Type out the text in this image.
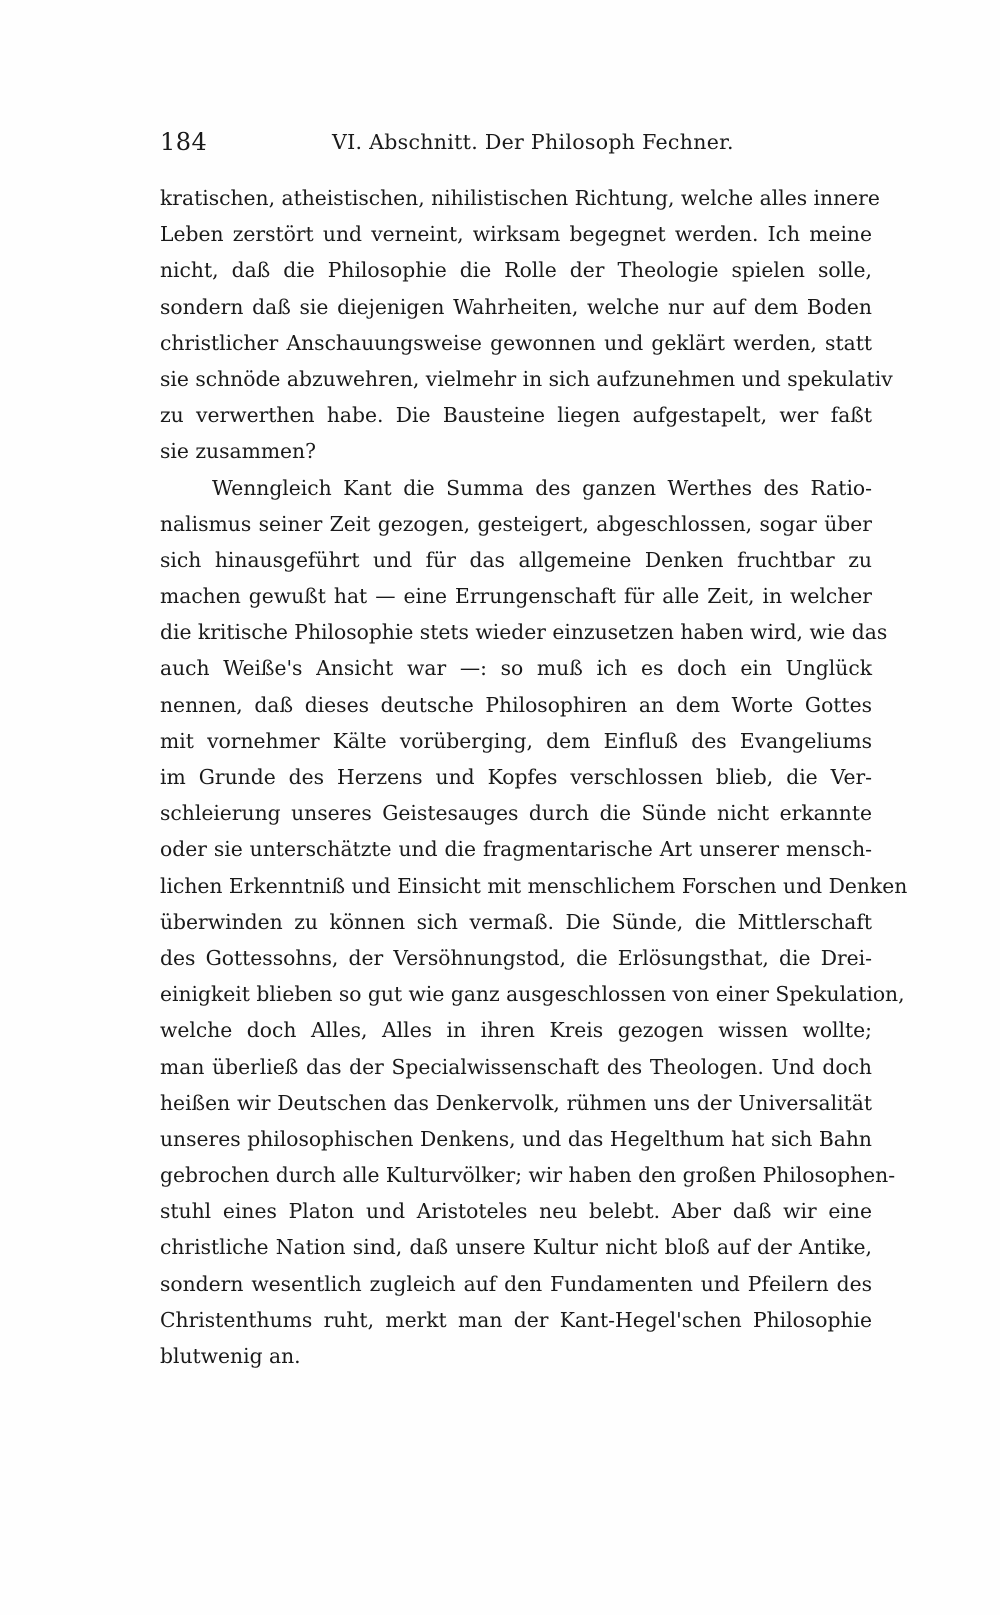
184	VI. Abschnitt. Der Philosoph Fechner.
kratischen, atheistischen, nihilistischen Richtung, welche alles innere
Leben zerstört und verneint, wirksam begegnet werden. Ich meine
nicht, daß die Philosophie die Rolle der Theologie spielen solle,
sondern daß sie diejenigen Wahrheiten, welche nur auf dem Boden
christlicher Anschauungsweise gewonnen und geklärt werden, statt
sie schnöde abzuwehren, vielmehr in sich aufzunehmen und spekulativ
zu verwerthen habe. Die Bausteine liegen aufgestapelt, wer faßt
sie zusammen?
Wenngleich Kant die Summa des ganzen Werthes des Ratio-
nalismus seiner Zeit gezogen, gesteigert, abgeschlossen, sogar über
sich hinausgeführt und für das allgemeine Denken fruchtbar zu
machen gewußt hat — eine Errungenschaft für alle Zeit, in welcher
die kritische Philosophie stets wieder einzusetzen haben wird, wie das
auch Weiße's Ansicht war —: so muß ich es doch ein Unglück
nennen, daß dieses deutsche Philosophiren an dem Worte Gottes
mit vornehmer Kälte vorüberging, dem Einfluß des Evangeliums
im Grunde des Herzens und Kopfes verschlossen blieb, die Ver-
schleierung unseres Geistesauges durch die Sünde nicht erkannte
oder sie unterschätzte und die fragmentarische Art unserer mensch-
lichen Erkenntniß und Einsicht mit menschlichem Forschen und Denken
überwinden zu können sich vermaß. Die Sünde, die Mittlerschaft
des Gottessohns, der Versöhnungstod, die Erlösungsthat, die Drei-
einigkeit blieben so gut wie ganz ausgeschlossen von einer Spekulation,
welche doch Alles, Alles in ihren Kreis gezogen wissen wollte;
man überließ das der Specialwissenschaft des Theologen. Und doch
heißen wir Deutschen das Denkervolk, rühmen uns der Universalität
unseres philosophischen Denkens, und das Hegelthum hat sich Bahn
gebrochen durch alle Kulturvölker; wir haben den großen Philosophen-
stuhl eines Platon und Aristoteles neu belebt. Aber daß wir eine
christliche Nation sind, daß unsere Kultur nicht bloß auf der Antike,
sondern wesentlich zugleich auf den Fundamenten und Pfeilern des
Christenthums ruht, merkt man der Kant-Hegel'schen Philosophie
blutwenig an.
